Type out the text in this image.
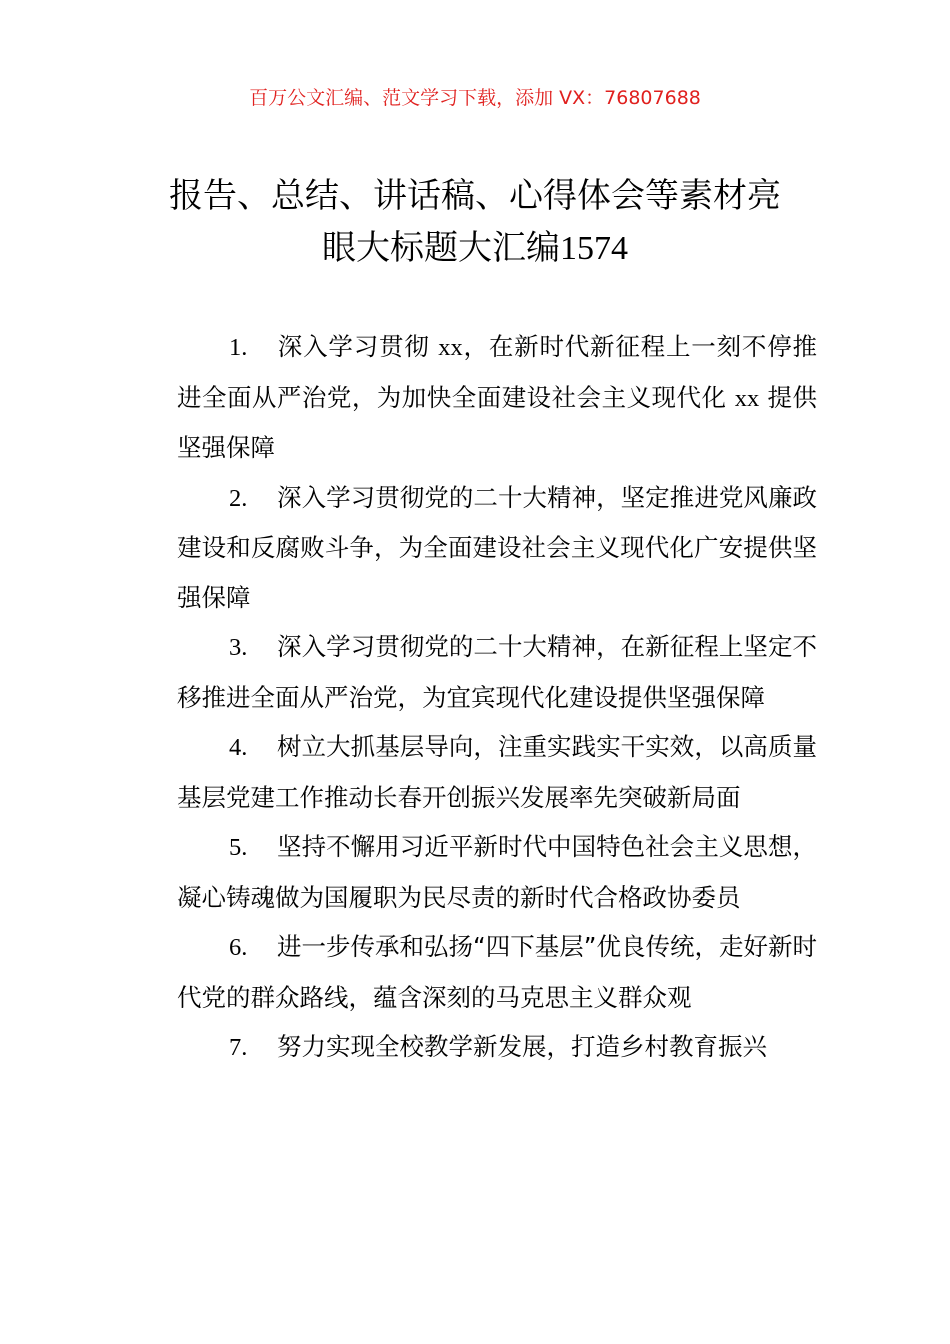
百万公文汇编、范文学习下载，添加 VX：76807688
报告、总结、讲话稿、心得体会等素材亮
眼大标题大汇编1574
1. 深入学习贯彻 xx，在新时代新征程上一刻不停推进全面从严治党，为加快全面建设社会主义现代化 xx 提供坚强保障
2. 深入学习贯彻党的二十大精神，坚定推进党风廉政建设和反腐败斗争，为全面建设社会主义现代化广安提供坚强保障
3. 深入学习贯彻党的二十大精神，在新征程上坚定不移推进全面从严治党，为宜宾现代化建设提供坚强保障
4. 树立大抓基层导向，注重实践实干实效，以高质量基层党建工作推动长春开创振兴发展率先突破新局面
5. 坚持不懈用习近平新时代中国特色社会主义思想，凝心铸魂做为国履职为民尽责的新时代合格政协委员
6. 进一步传承和弘扬“四下基层”优良传统，走好新时代党的群众路线，蕴含深刻的马克思主义群众观
7. 努力实现全校教学新发展，打造乡村教育振兴
